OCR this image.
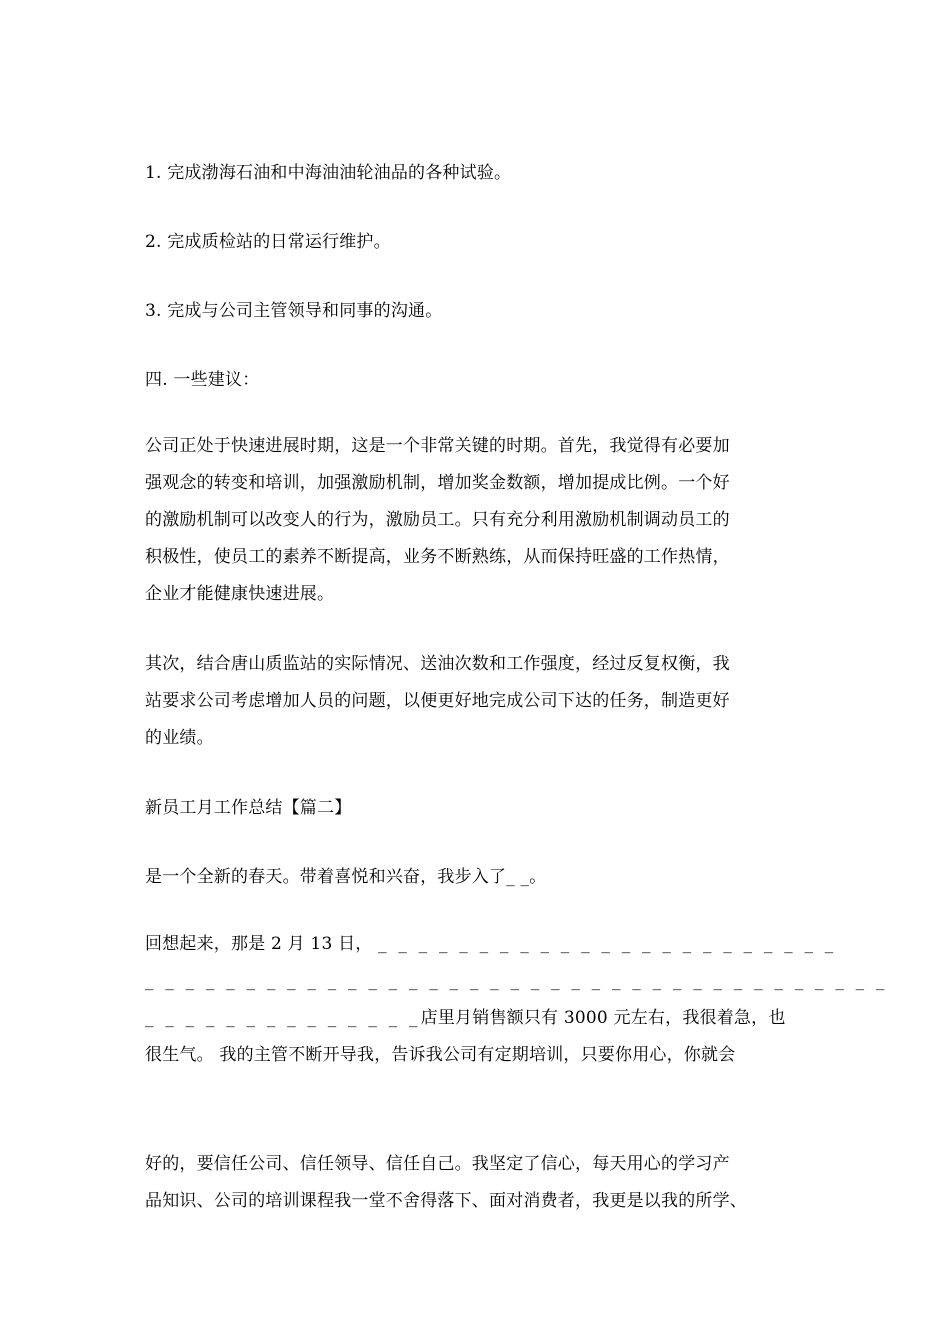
1. 完成渤海石油和中海油油轮油品的各种试验。
2. 完成质检站的日常运行维护。
3. 完成与公司主管领导和同事的沟通。
四. 一些建议：
公司正处于快速进展时期，这是一个非常关键的时期。首先，我觉得有必要加
强观念的转变和培训，加强激励机制，增加奖金数额，增加提成比例。一个好
的激励机制可以改变人的行为，激励员工。只有充分利用激励机制调动员工的
积极性，使员工的素养不断提高，业务不断熟练，从而保持旺盛的工作热情，
企业才能健康快速进展。
其次，结合唐山质监站的实际情况、送油次数和工作强度，经过反复权衡，我
站要求公司考虑增加人员的问题，以便更好地完成公司下达的任务，制造更好
的业绩。
新员工月工作总结【篇二】
是一个全新的春天。带着喜悦和兴奋，我步入了_ _。
回想起来，那是 2 月 13 日， _ _ _ _ _ _ _ _ _ _ _ _ _ _ _ _ _ _ _ _ _ _ _
_ _ _ _ _ _ _ _ _ _ _ _ _ _ _ _ _ _ _ _ _ _ _ _ _ _ _ _ _ _ _ _ _ _ _ _ _
_ _ _ _ _ _ _ _ _ _ _ _ _ _店里月销售额只有 3000 元左右，我很着急，也
很生气。 我的主管不断开导我，告诉我公司有定期培训，只要你用心，你就会
好的，要信任公司、信任领导、信任自己。我坚定了信心，每天用心的学习产
品知识、公司的培训课程我一堂不舍得落下、面对消费者，我更是以我的所学、
